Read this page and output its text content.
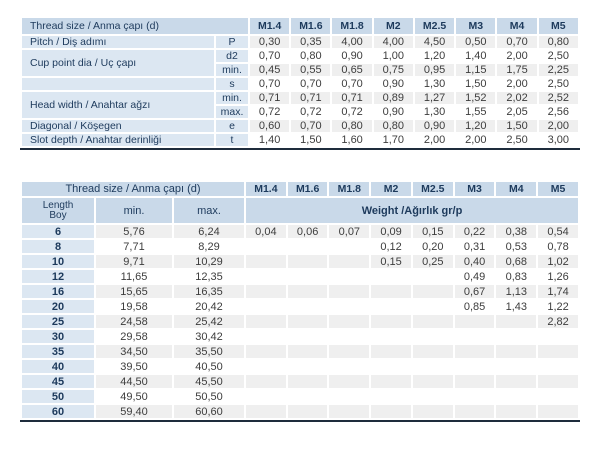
Thread size / Anma çapı (d)		M1.4	M1.6	M1.8	M2	M2.5	M3	M4	M5
Pitch / Diş adımı	P	0,30	0,35	4,00	4,00	4,50	0,50	0,70	0,80
Cup point dia / Uç çapı	d2	0,70	0,80	0,90	1,00	1,20	1,40	2,00	2,50
	min.	0,45	0,55	0,65	0,75	0,95	1,15	1,75	2,25
	s	0,70	0,70	0,70	0,90	1,30	1,50	2,00	2,50
Head width / Anahtar ağzı	min.	0,71	0,71	0,71	0,89	1,27	1,52	2,02	2,52
	max.	0,72	0,72	0,72	0,90	1,30	1,55	2,05	2,56
Diagonal / Köşegen	e	0,60	0,70	0,80	0,80	0,90	1,20	1,50	2,00
Slot depth / Anahtar derinliği	t	1,40	1,50	1,60	1,70	2,00	2,00	2,50	3,00
Thread size / Anma çapı (d)			M1.4	M1.6	M1.8	M2	M2.5	M3	M4	M5
Length
Boy	min.	max.	Weight /Ağırlık gr/p							
6	5,76	6,24	0,04	0,06	0,07	0,09	0,15	0,22	0,38	0,54
8	7,71	8,29				0,12	0,20	0,31	0,53	0,78
10	9,71	10,29				0,15	0,25	0,40	0,68	1,02
12	11,65	12,35						0,49	0,83	1,26
16	15,65	16,35						0,67	1,13	1,74
20	19,58	20,42						0,85	1,43	1,22
25	24,58	25,42								2,82
30	29,58	30,42								
35	34,50	35,50								
40	39,50	40,50								
45	44,50	45,50								
50	49,50	50,50								
60	59,40	60,60								
